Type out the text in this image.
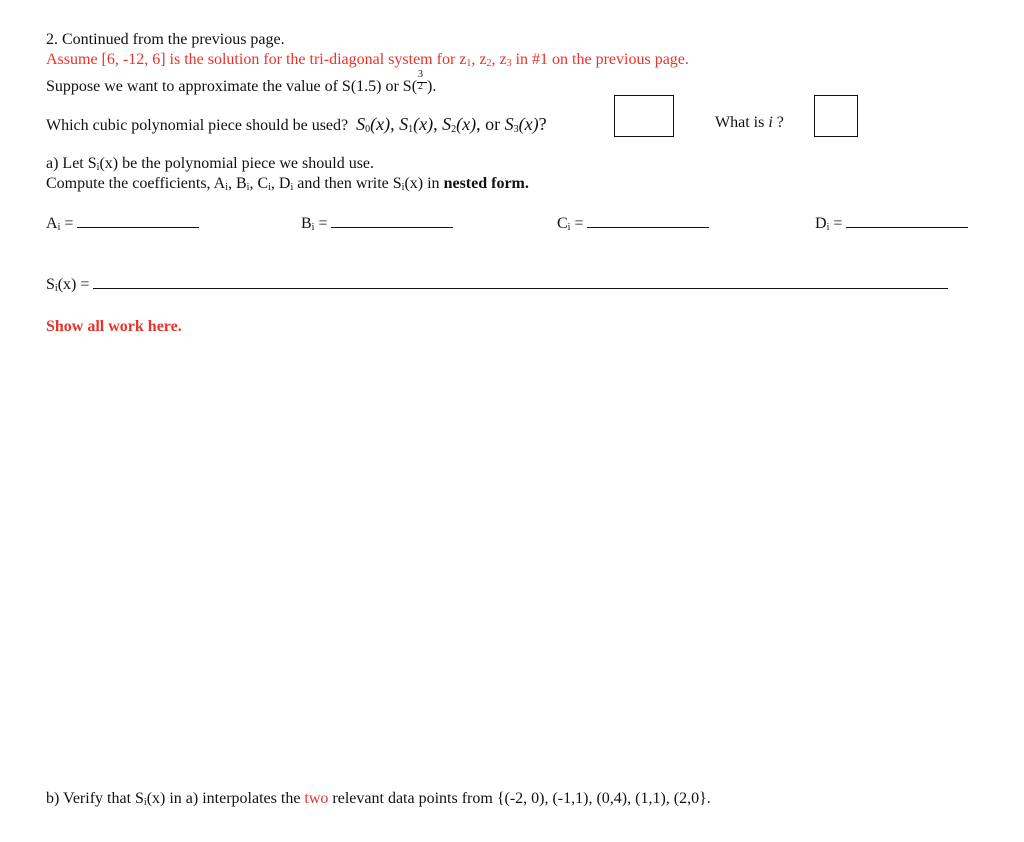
2. Continued from the previous page.
Assume [6, -12, 6] is the solution for the tri-diagonal system for $z_1$, $z_2$, $z_3$ in #1 on the previous page.
Suppose we want to approximate the value of S(1.5) or $S( \frac{3}{2}$ ).
Which cubic polynomial piece should be used? $S_0(x)$, $S_1(x)$, $S_2(x)$, or $S_3(x)$?	What is i ?
a) Let $S_i(x)$ be the polynomial piece we should use.
Compute the coefficients, $A_i$, $B_i$, $C_i$, $D_i$ and then write $S_i(x)$ in nested form.
$A_i$ =	$B_i$ =	$C_i$ =	$D_i$ =
$S_i(x)$ =
Show all work here.
b) Verify that $S_i(x)$ in a) interpolates the two relevant data points from {(-2, 0), (-1,1), (0,4), (1,1), (2,0}.
